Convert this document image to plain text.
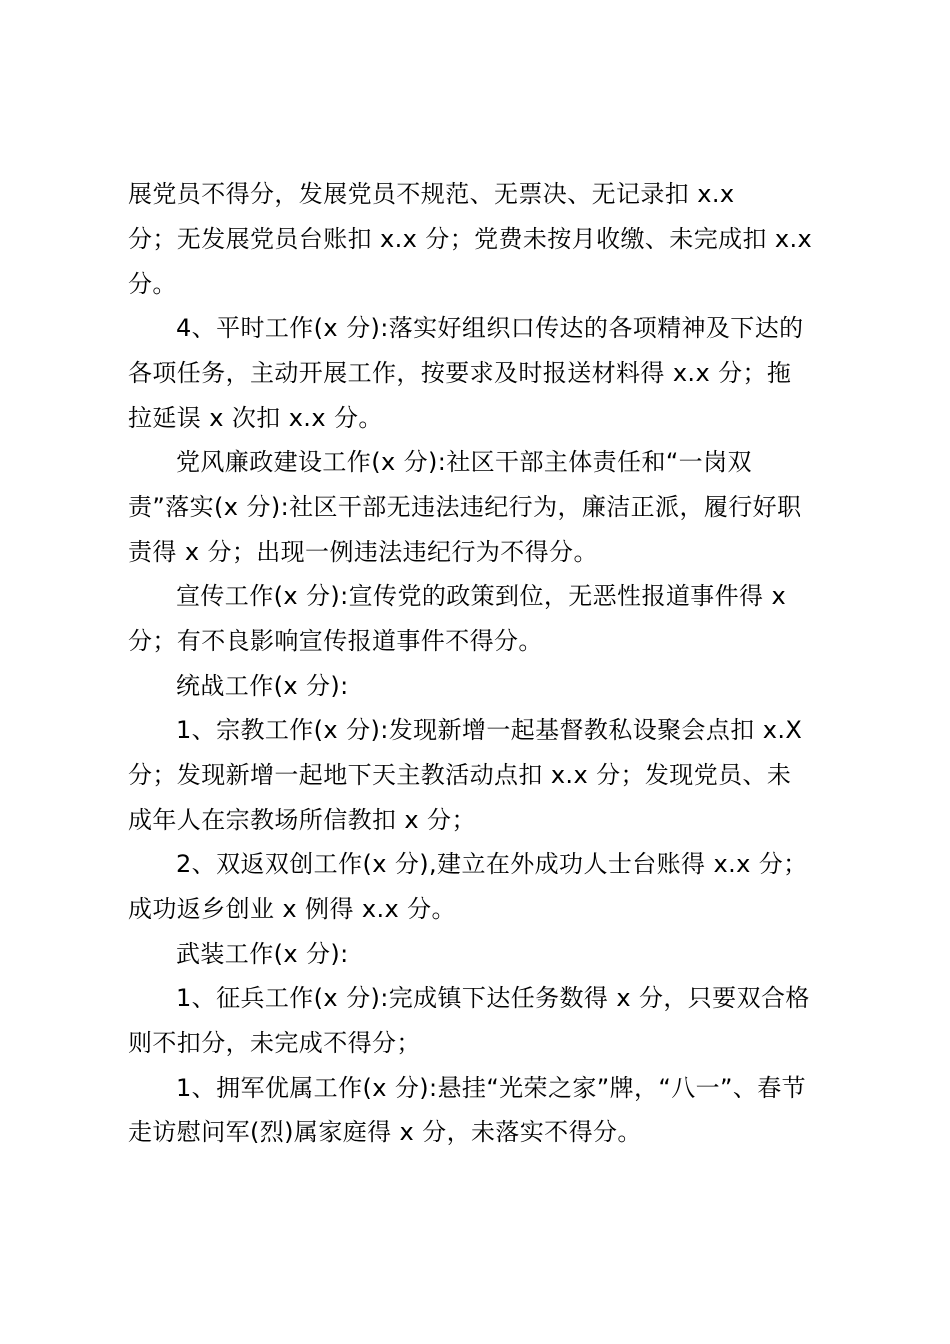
展党员不得分，发展党员不规范、无票决、无记录扣 x.x
分；无发展党员台账扣 x.x 分；党费未按月收缴、未完成扣 x.x
分。
4、平时工作(x 分):落实好组织口传达的各项精神及下达的
各项任务，主动开展工作，按要求及时报送材料得 x.x 分；拖
拉延误 x 次扣 x.x 分。
党风廉政建设工作(x 分):社区干部主体责任和“一岗双
责”落实(x 分):社区干部无违法违纪行为，廉洁正派，履行好职
责得 x 分；出现一例违法违纪行为不得分。
宣传工作(x 分):宣传党的政策到位，无恶性报道事件得 x
分；有不良影响宣传报道事件不得分。
统战工作(x 分):
1、宗教工作(x 分):发现新增一起基督教私设聚会点扣 x.X
分；发现新增一起地下天主教活动点扣 x.x 分；发现党员、未
成年人在宗教场所信教扣 x 分；
2、双返双创工作(x 分),建立在外成功人士台账得 x.x 分；
成功返乡创业 x 例得 x.x 分。
武装工作(x 分):
1、征兵工作(x 分):完成镇下达任务数得 x 分，只要双合格
则不扣分，未完成不得分；
1、拥军优属工作(x 分):悬挂“光荣之家”牌，“八一”、春节
走访慰问军(烈)属家庭得 x 分，未落实不得分。
